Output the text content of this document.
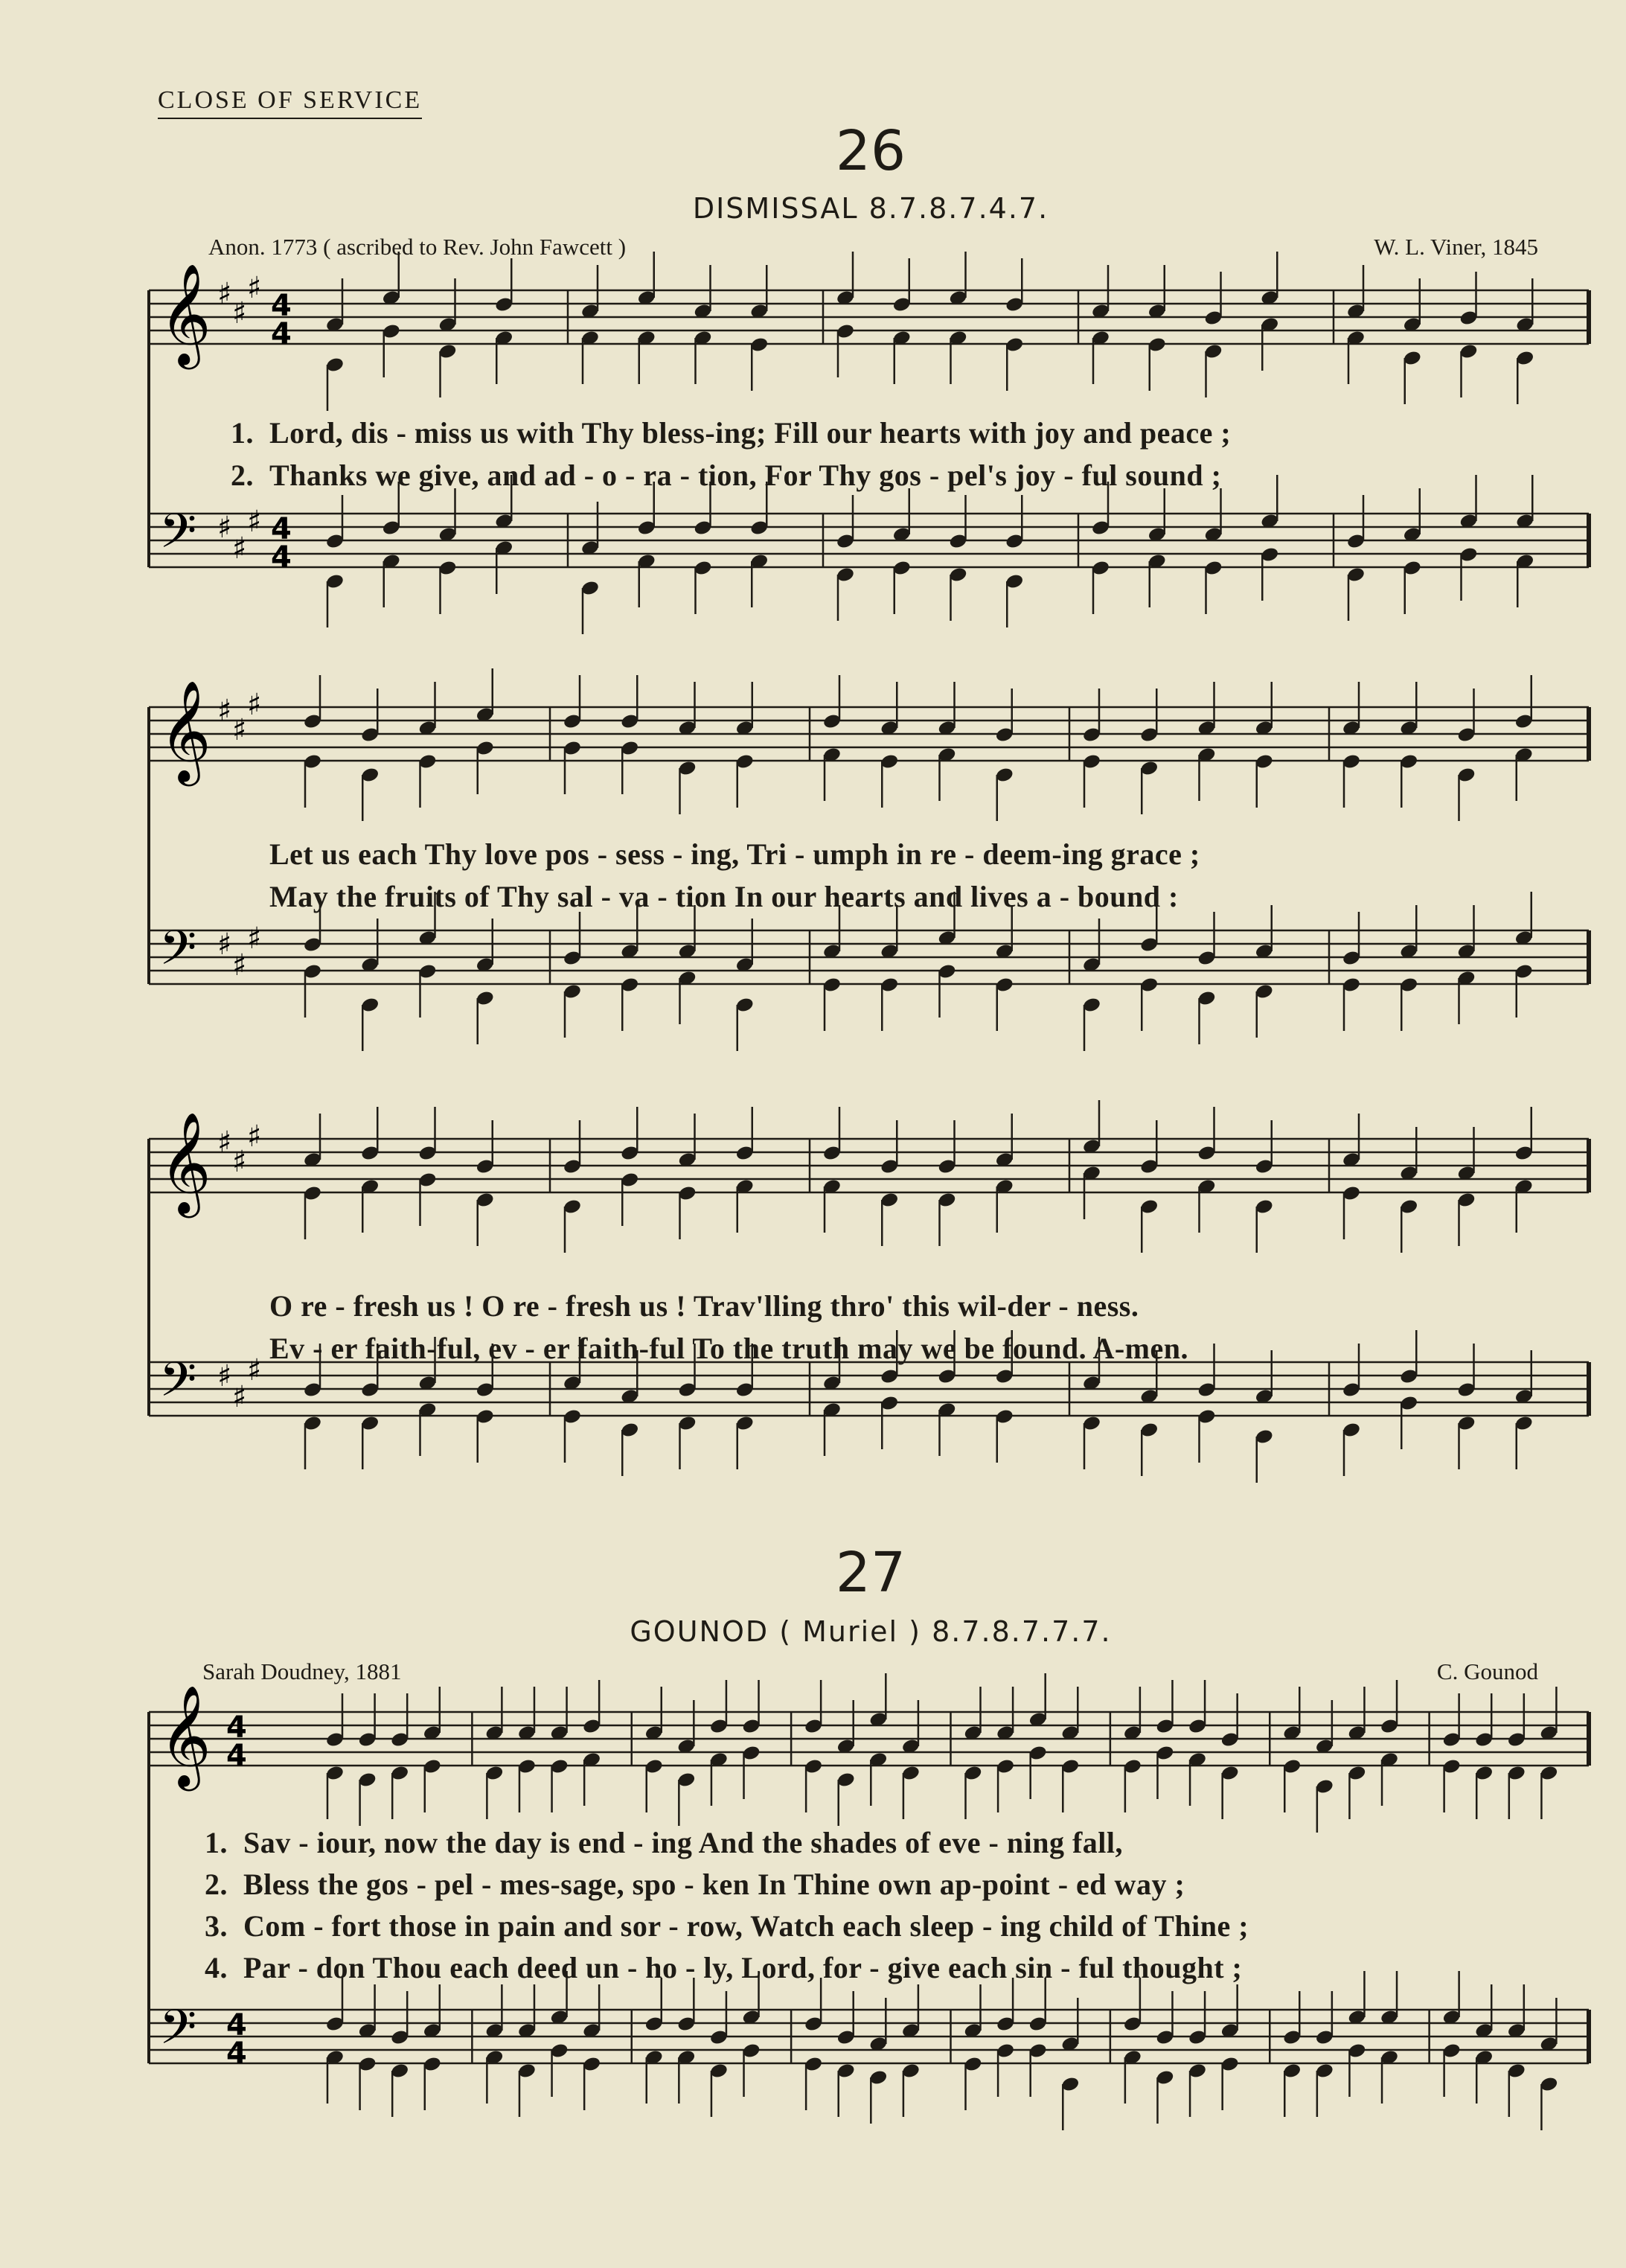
CLOSE OF SERVICE
26
DISMISSAL 8.7.8.7.4.7.
Anon. 1773 ( ascribed to Rev. John Fawcett )	W. L. Viner, 1845
𝄞 ♯
♯
♯
4
4
𝄢 ♯
♯
♯ 4
4
1. Lord, dis - miss us with Thy bless-ing; Fill our hearts with joy and peace ;
2. Thanks we give, and ad - o - ra - tion, For Thy gos - pel's joy - ful sound ;
𝄞 ♯
♯
♯
𝄢 ♯
♯
♯
Let us each Thy love pos - sess - ing, Tri - umph in re - deem-ing grace ;
May the fruits of Thy sal - va - tion In our hearts and lives a - bound :
𝄞 ♯
♯
♯
𝄢 ♯
♯
♯
O re - fresh us ! O re - fresh us ! Trav'lling thro' this wil-der - ness.
Ev - er faith-ful, ev - er faith-ful To the truth may we be found. A-men.
27
GOUNOD ( Muriel ) 8.7.8.7.7.7.
Sarah Doudney, 1881	C. Gounod
𝄞 4
4
𝄢 4
4
1. Sav - iour, now the day is end - ing And the shades of eve - ning fall,
2. Bless the gos - pel - mes-sage, spo - ken In Thine own ap-point - ed way ;
3. Com - fort those in pain and sor - row, Watch each sleep - ing child of Thine ;
4. Par - don Thou each deed un - ho - ly, Lord, for - give each sin - ful thought ;
